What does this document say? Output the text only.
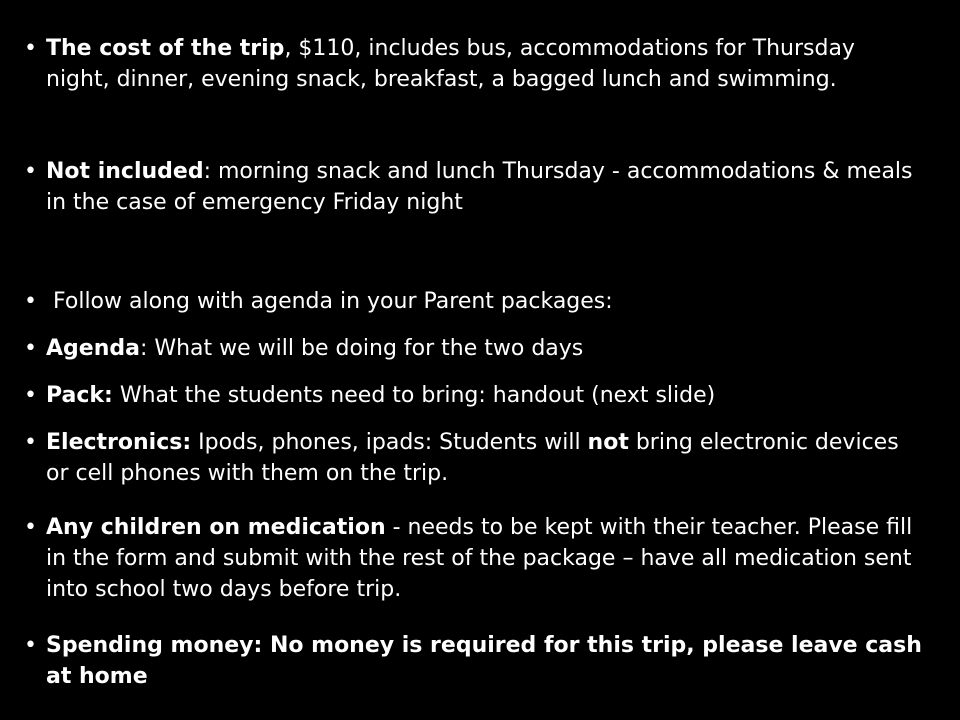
• The cost of the trip, $110, includes bus, accommodations for Thursday  night, dinner, evening snack, breakfast, a bagged lunch and swimming.
• Not included: morning snack and lunch Thursday - accommodations & meals in the case of emergency Friday night
• Follow along with agenda in your Parent packages:
• Agenda: What we will be doing for the two days
• Pack: What the students need to bring: handout (next slide)
• Electronics: Ipods, phones, ipads: Students will not bring electronic devices or cell phones with them on the trip.
• Any children on medication - needs to be kept with their teacher. Please fill in the form and submit with the rest of the package – have all medication sent into school two days before trip.
• Spending money: No money is required for this trip, please leave cash at home
